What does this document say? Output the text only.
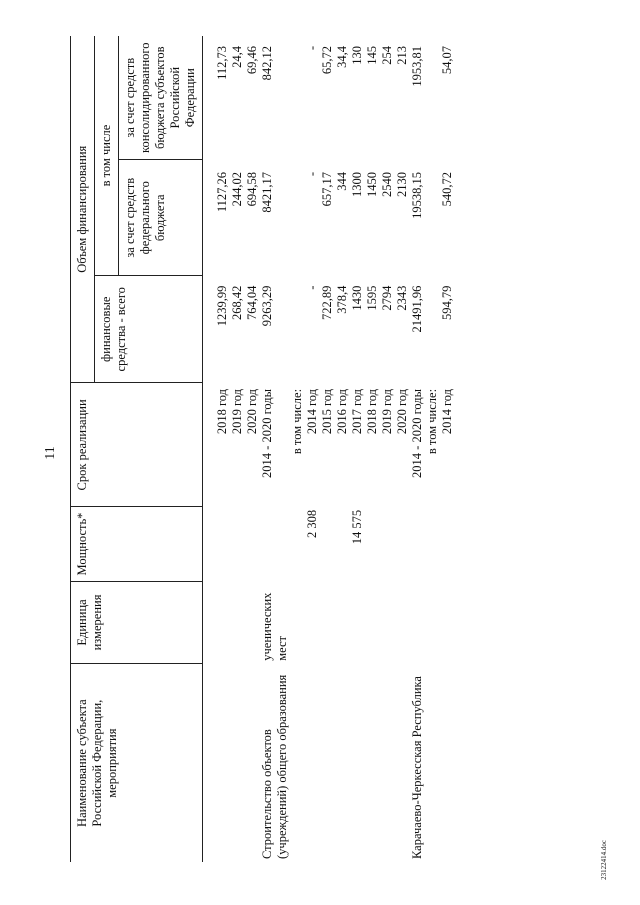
11
23122414.doc
Наименование субъекта Российской Федерации, мероприятия	Единица измерения	Мощность*	Срок реализации	Объем финансирования		
				финансовые средства - всего	в том числе	
					за счет средств федерального бюджета	за счет средств консолидированного бюджета субъектов Российской Федерации

			2018 год	1239,99	1127,26	112,73
			2019 год	268,42	244,02	24,4
			2020 год	764,04	694,58	69,46
Строительство объектов (учреждений) общего образования	ученических мест		2014 - 2020 годы	9263,29	8421,17	842,12
			в том числе:			
		2 308	2014 год	-	-	-
			2015 год	722,89	657,17	65,72
			2016 год	378,4	344	34,4
		14 575	2017 год	1430	1300	130
			2018 год	1595	1450	145
			2019 год	2794	2540	254
			2020 год	2343	2130	213
Карачаево-Черкесская Республика			2014 - 2020 годы	21491,96	19538,15	1953,81
			в том числе:			
			2014 год	594,79	540,72	54,07
